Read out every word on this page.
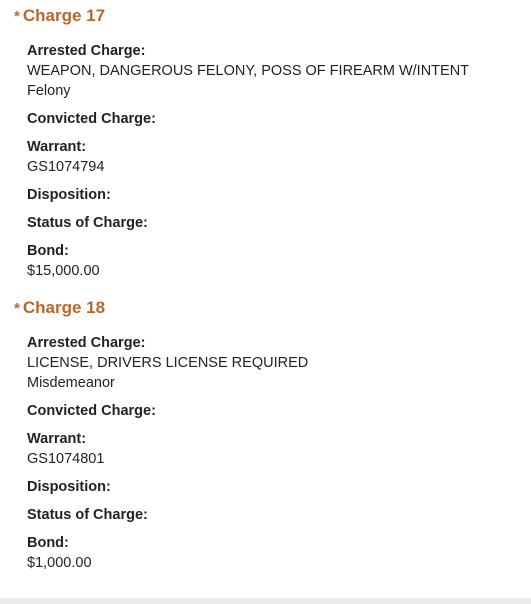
* Charge 17
Arrested Charge:
WEAPON, DANGEROUS FELONY, POSS OF FIREARM W/INTENT
Felony
Convicted Charge:
Warrant:
GS1074794
Disposition:
Status of Charge:
Bond:
$15,000.00
* Charge 18
Arrested Charge:
LICENSE, DRIVERS LICENSE REQUIRED
Misdemeanor
Convicted Charge:
Warrant:
GS1074801
Disposition:
Status of Charge:
Bond:
$1,000.00
